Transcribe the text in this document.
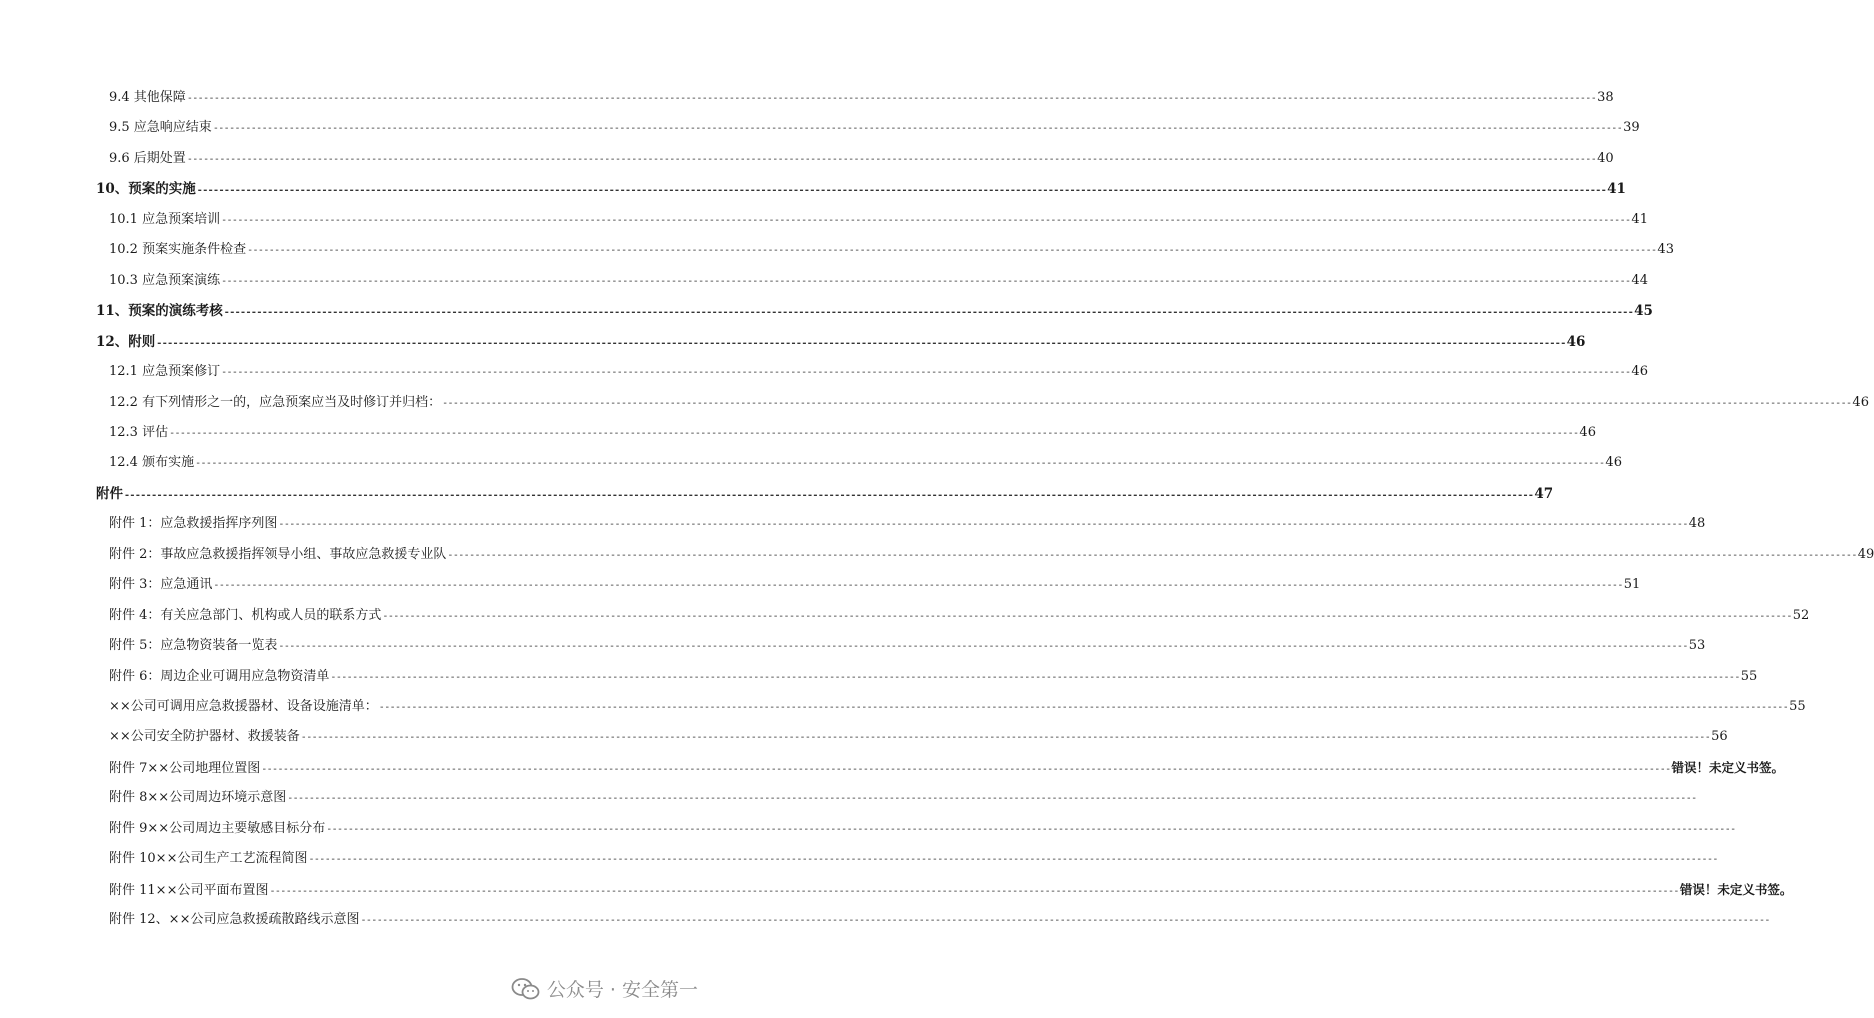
9.4 其他保障 -------------------------------------------------------------------------------------------------------------------------------------------------------------------------------------------------------------------------------------------------------------------- 38
9.5 应急响应结束 -------------------------------------------------------------------------------------------------------------------------------------------------------------------------------------------------------------------------------------------------------------------- 39
9.6 后期处置 -------------------------------------------------------------------------------------------------------------------------------------------------------------------------------------------------------------------------------------------------------------------- 40
10、预案的实施 -------------------------------------------------------------------------------------------------------------------------------------------------------------------------------------------------------------------------------------------------------------------- 41
10.1 应急预案培训 -------------------------------------------------------------------------------------------------------------------------------------------------------------------------------------------------------------------------------------------------------------------- 41
10.2 预案实施条件检查 -------------------------------------------------------------------------------------------------------------------------------------------------------------------------------------------------------------------------------------------------------------------- 43
10.3 应急预案演练 -------------------------------------------------------------------------------------------------------------------------------------------------------------------------------------------------------------------------------------------------------------------- 44
11、预案的演练考核 -------------------------------------------------------------------------------------------------------------------------------------------------------------------------------------------------------------------------------------------------------------------- 45
12、附则 -------------------------------------------------------------------------------------------------------------------------------------------------------------------------------------------------------------------------------------------------------------------- 46
12.1 应急预案修订 -------------------------------------------------------------------------------------------------------------------------------------------------------------------------------------------------------------------------------------------------------------------- 46
12.2 有下列情形之一的，应急预案应当及时修订并归档： -------------------------------------------------------------------------------------------------------------------------------------------------------------------------------------------------------------------------------------------------------------------- 46
12.3 评估 -------------------------------------------------------------------------------------------------------------------------------------------------------------------------------------------------------------------------------------------------------------------- 46
12.4 颁布实施 -------------------------------------------------------------------------------------------------------------------------------------------------------------------------------------------------------------------------------------------------------------------- 46
附件 -------------------------------------------------------------------------------------------------------------------------------------------------------------------------------------------------------------------------------------------------------------------- 47
附件 1：应急救援指挥序列图 -------------------------------------------------------------------------------------------------------------------------------------------------------------------------------------------------------------------------------------------------------------------- 48
附件 2：事故应急救援指挥领导小组、事故应急救援专业队 -------------------------------------------------------------------------------------------------------------------------------------------------------------------------------------------------------------------------------------------------------------------- 49
附件 3：应急通讯 -------------------------------------------------------------------------------------------------------------------------------------------------------------------------------------------------------------------------------------------------------------------- 51
附件 4：有关应急部门、机构或人员的联系方式 -------------------------------------------------------------------------------------------------------------------------------------------------------------------------------------------------------------------------------------------------------------------- 52
附件 5：应急物资装备一览表 -------------------------------------------------------------------------------------------------------------------------------------------------------------------------------------------------------------------------------------------------------------------- 53
附件 6：周边企业可调用应急物资清单 -------------------------------------------------------------------------------------------------------------------------------------------------------------------------------------------------------------------------------------------------------------------- 55
××公司可调用应急救援器材、设备设施清单： -------------------------------------------------------------------------------------------------------------------------------------------------------------------------------------------------------------------------------------------------------------------- 55
××公司安全防护器材、救援装备 -------------------------------------------------------------------------------------------------------------------------------------------------------------------------------------------------------------------------------------------------------------------- 56
附件 7××公司地理位置图 -------------------------------------------------------------------------------------------------------------------------------------------------------------------------------------------------------------------------------------------------------------------- 错误！未定义书签。
附件 8××公司周边环境示意图 --------------------------------------------------------------------------------------------------------------------------------------------------------------------------------------------------------------------------------------------------------------------
附件 9××公司周边主要敏感目标分布 --------------------------------------------------------------------------------------------------------------------------------------------------------------------------------------------------------------------------------------------------------------------
附件 10××公司生产工艺流程简图 --------------------------------------------------------------------------------------------------------------------------------------------------------------------------------------------------------------------------------------------------------------------
附件 11××公司平面布置图 -------------------------------------------------------------------------------------------------------------------------------------------------------------------------------------------------------------------------------------------------------------------- 错误！未定义书签。
附件 12、××公司应急救援疏散路线示意图 --------------------------------------------------------------------------------------------------------------------------------------------------------------------------------------------------------------------------------------------------------------------
公众号 · 安全第一
